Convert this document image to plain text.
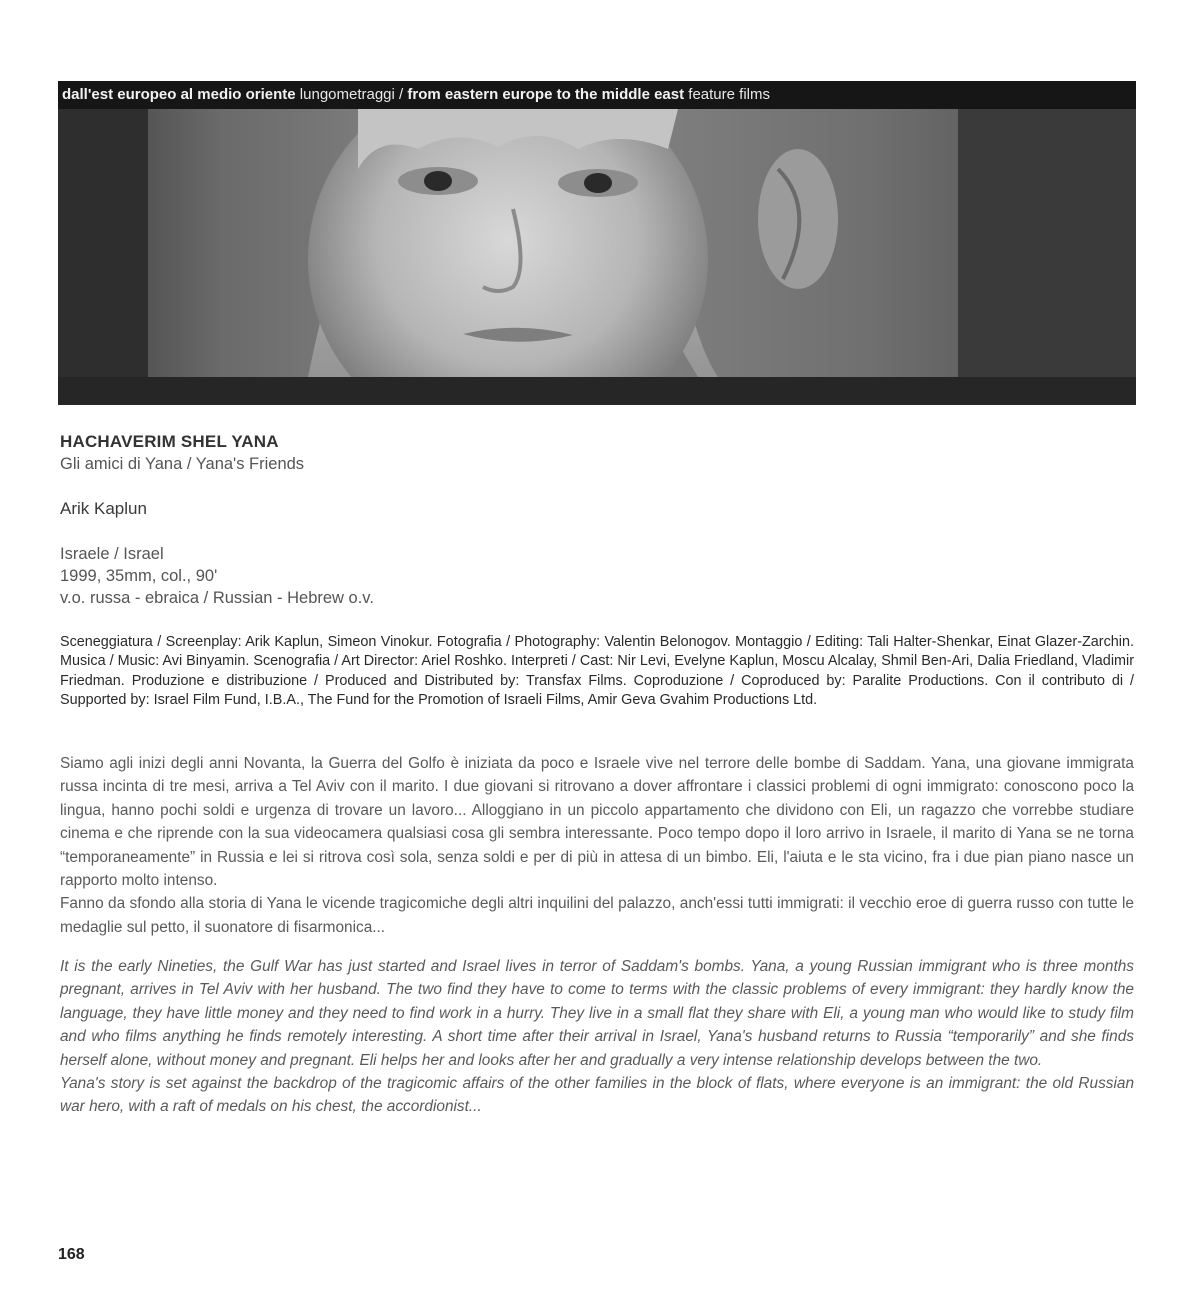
dall'est europeo al medio oriente lungometraggi / from eastern europe to the middle east feature films
HACHAVERIM SHEL YANA
Gli amici di Yana / Yana's Friends
Arik Kaplun
Israele / Israel
1999, 35mm, col., 90'
v.o. russa - ebraica / Russian - Hebrew o.v.
Sceneggiatura / Screenplay: Arik Kaplun, Simeon Vinokur. Fotografia / Photography: Valentin Belonogov. Montaggio / Editing: Tali Halter-Shenkar, Einat Glazer-Zarchin. Musica / Music: Avi Binyamin. Scenografia / Art Director: Ariel Roshko. Interpreti / Cast: Nir Levi, Evelyne Kaplun, Moscu Alcalay, Shmil Ben-Ari, Dalia Friedland, Vladimir Friedman. Produzione e distribuzione / Produced and Distributed by: Transfax Films. Coproduzione / Coproduced by: Paralite Productions. Con il contributo di / Supported by: Israel Film Fund, I.B.A., The Fund for the Promotion of Israeli Films, Amir Geva Gvahim Productions Ltd.

Siamo agli inizi degli anni Novanta, la Guerra del Golfo è iniziata da poco e Israele vive nel terrore delle bombe di Saddam. Yana, una giovane immigrata russa incinta di tre mesi, arriva a Tel Aviv con il marito. I due giovani si ritrovano a dover affrontare i classici problemi di ogni immigrato: conoscono poco la lingua, hanno pochi soldi e urgenza di trovare un lavoro... Alloggiano in un piccolo appartamento che dividono con Eli, un ragazzo che vorrebbe studiare cinema e che riprende con la sua videocamera qualsiasi cosa gli sembra interessante. Poco tempo dopo il loro arrivo in Israele, il marito di Yana se ne torna “temporaneamente” in Russia e lei si ritrova così sola, senza soldi e per di più in attesa di un bimbo. Eli, l'aiuta e le sta vicino, fra i due pian piano nasce un rapporto molto intenso.

Fanno da sfondo alla storia di Yana le vicende tragicomiche degli altri inquilini del palazzo, anch'essi tutti immigrati: il vecchio eroe di guerra russo con tutte le medaglie sul petto, il suonatore di fisarmonica...

It is the early Nineties, the Gulf War has just started and Israel lives in terror of Saddam's bombs. Yana, a young Russian immigrant who is three months pregnant, arrives in Tel Aviv with her husband. The two find they have to come to terms with the classic problems of every immigrant: they hardly know the language, they have little money and they need to find work in a hurry. They live in a small flat they share with Eli, a young man who would like to study film and who films anything he finds remotely interesting. A short time after their arrival in Israel, Yana's husband returns to Russia “temporarily” and she finds herself alone, without money and pregnant. Eli helps her and looks after her and gradually a very intense relationship develops between the two.

Yana's story is set against the backdrop of the tragicomic affairs of the other families in the block of flats, where everyone is an immigrant: the old Russian war hero, with a raft of medals on his chest, the accordionist...

168
